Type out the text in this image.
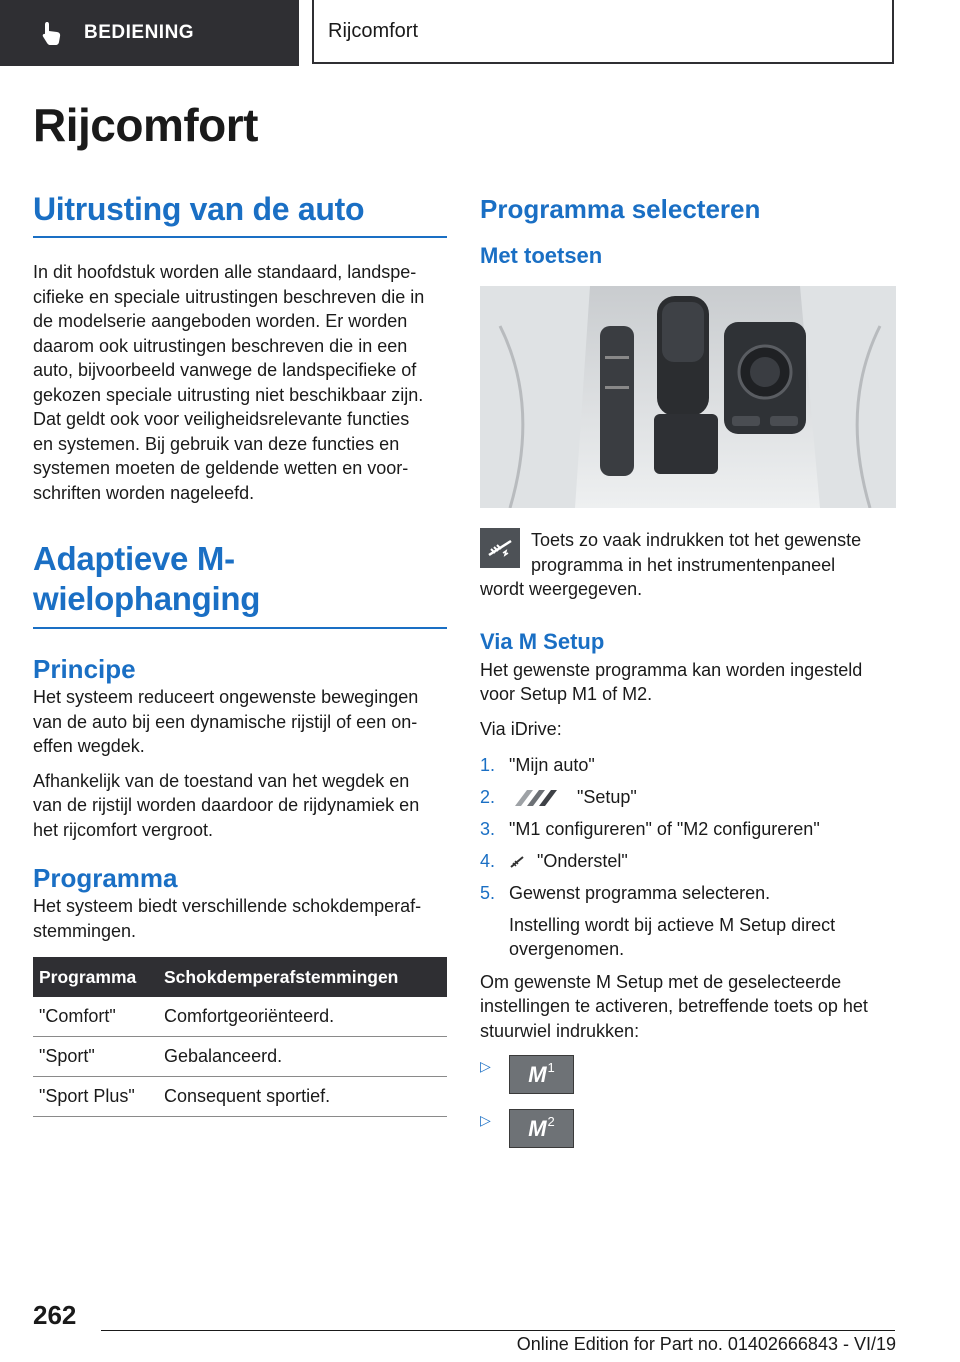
BEDIENING	Rijcomfort
Rijcomfort
Uitrusting van de auto

In dit hoofdstuk worden alle standaard, landspe-
cifieke en speciale uitrustingen beschreven die in
de modelserie aangeboden worden. Er worden
daarom ook uitrustingen beschreven die in een
auto, bijvoorbeeld vanwege de landspecifieke of
gekozen speciale uitrusting niet beschikbaar zijn.
Dat geldt ook voor veiligheidsrelevante functies
en systemen. Bij gebruik van deze functies en
systemen moeten de geldende wetten en voor-
schriften worden nageleefd.

Adaptieve M-
wielophanging
Principe

Het systeem reduceert ongewenste bewegingen
van de auto bij een dynamische rijstijl of een on-
effen wegdek.

Afhankelijk van de toestand van het wegdek en
van de rijstijl worden daardoor de rijdynamiek en
het rijcomfort vergroot.

Programma

Het systeem biedt verschillende schokdemperaf-
stemmingen.

Programma	Schokdemperafstemmingen
"Comfort"	Comfortgeoriënteerd.
"Sport"	Gebalanceerd.
"Sport Plus"	Consequent sportief.
Programma selecteren
Met toetsen

Toets zo vaak indrukken tot het gewenste
programma in het instrumentenpaneel

wordt weergegeven.

Via M Setup

Het gewenste programma kan worden ingesteld
voor Setup M1 of M2.

Via iDrive:

1. "Mijn auto"
2.	"Setup"
3. "M1 configureren" of "M2 configureren"
4.	"Onderstel"
5. Gewenst programma selecteren.

Instelling wordt bij actieve M Setup direct
overgenomen.

Om gewenste M Setup met de geselecteerde
instellingen te activeren, betreffende toets op het
stuurwiel indrukken:

▷	M 1
▷	M 2
262
Online Edition for Part no. 01402666843 - VI/19
